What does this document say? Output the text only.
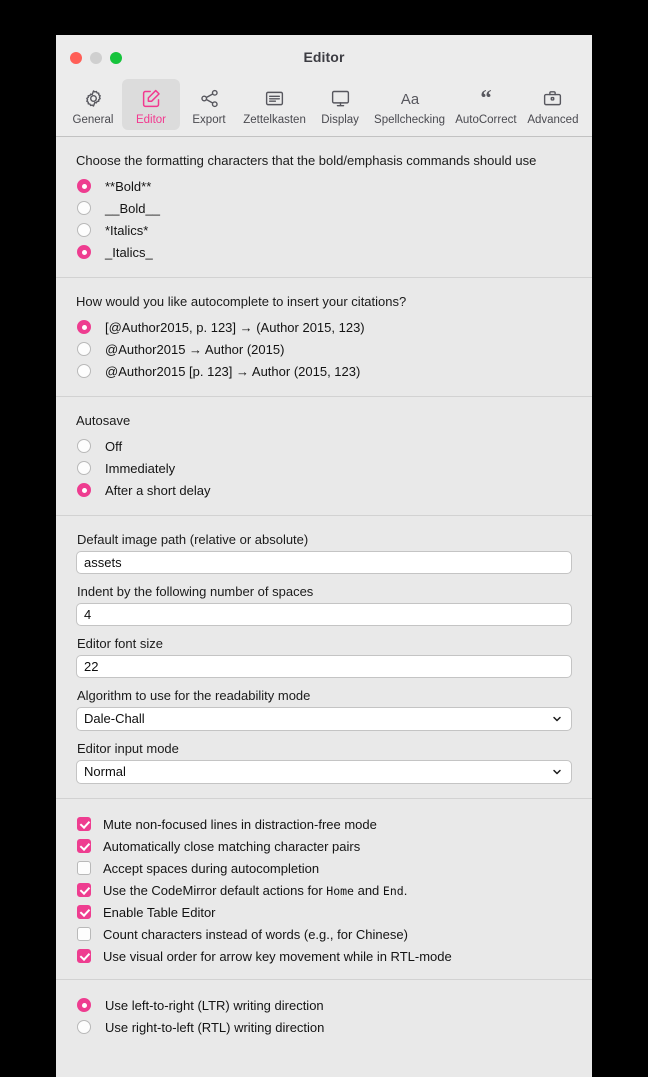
Editor
General Editor Export Zettelkasten Display
Aa
Spellchecking
“
AutoCorrect Advanced
Choose the formatting characters that the bold/emphasis commands should use
**Bold**
__Bold__
*Italics*
_Italics_
How would you like autocomplete to insert your citations?
[@Author2015, p. 123] → (Author 2015, 123)
@Author2015 → Author (2015)
@Author2015 [p. 123] → Author (2015, 123)
Autosave
Off
Immediately
After a short delay
Default image path (relative or absolute)
assets
Indent by the following number of spaces
4
Editor font size
22
Algorithm to use for the readability mode
Dale-Chall
Editor input mode
Normal
Mute non-focused lines in distraction-free mode
Automatically close matching character pairs
Accept spaces during autocompletion
Use the CodeMirror default actions for Home and End.
Enable Table Editor
Count characters instead of words (e.g., for Chinese)
Use visual order for arrow key movement while in RTL-mode
Use left-to-right (LTR) writing direction
Use right-to-left (RTL) writing direction
